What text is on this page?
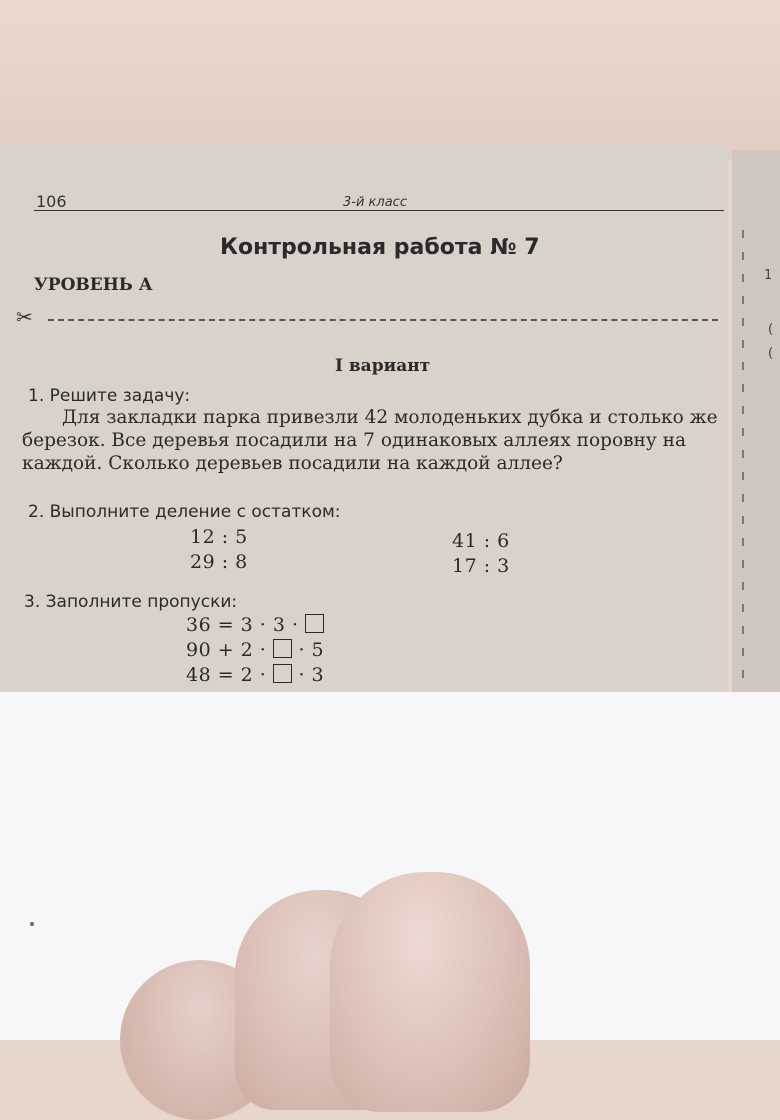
1
(
(
106	3-й класс
Контрольная работа № 7
УРОВЕНЬ А
✂
I вариант
1. Решите задачу:
Для закладки парка привезли 42 молоденьких дубка и столько же
березок. Все деревья посадили на 7 одинаковых аллеях поровну на
каждой. Сколько деревьев посадили на каждой аллее?
2. Выполните деление с остатком:
12 : 5
29 : 8
41 : 6
17 : 3
3. Заполните пропуски:
36 = 3 · 3 ·
90 + 2 · · 5
48 = 2 · · 3
